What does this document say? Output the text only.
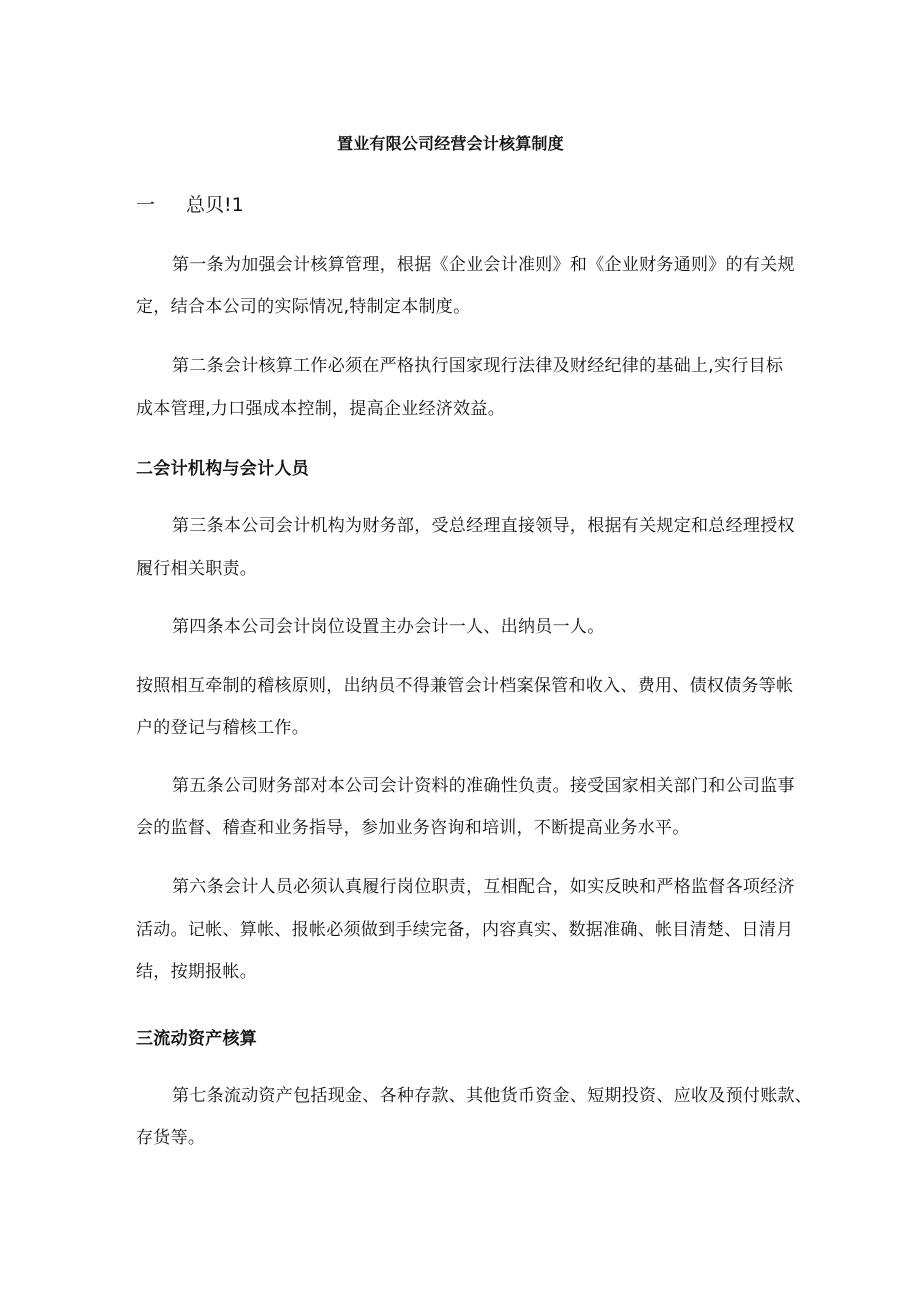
置业有限公司经营会计核算制度
一 总贝!1
第一条为加强会计核算管理，根据《企业会计准则》和《企业财务通则》的有关规
定，结合本公司的实际情况,特制定本制度。
第二条会计核算工作必须在严格执行国家现行法律及财经纪律的基础上,实行目标
成本管理,力口强成本控制，提高企业经济效益。
二会计机构与会计人员
第三条本公司会计机构为财务部，受总经理直接领导，根据有关规定和总经理授权
履行相关职责。
第四条本公司会计岗位设置主办会计一人、出纳员一人。
按照相互牵制的稽核原则，出纳员不得兼管会计档案保管和收入、费用、债权债务等帐
户的登记与稽核工作。
第五条公司财务部对本公司会计资料的准确性负责。接受国家相关部门和公司监事
会的监督、稽查和业务指导，参加业务咨询和培训，不断提高业务水平。
第六条会计人员必须认真履行岗位职责，互相配合，如实反映和严格监督各项经济
活动。记帐、算帐、报帐必须做到手续完备，内容真实、数据准确、帐目清楚、日清月
结，按期报帐。
三流动资产核算
第七条流动资产包括现金、各种存款、其他货币资金、短期投资、应收及预付账款、
存货等。
